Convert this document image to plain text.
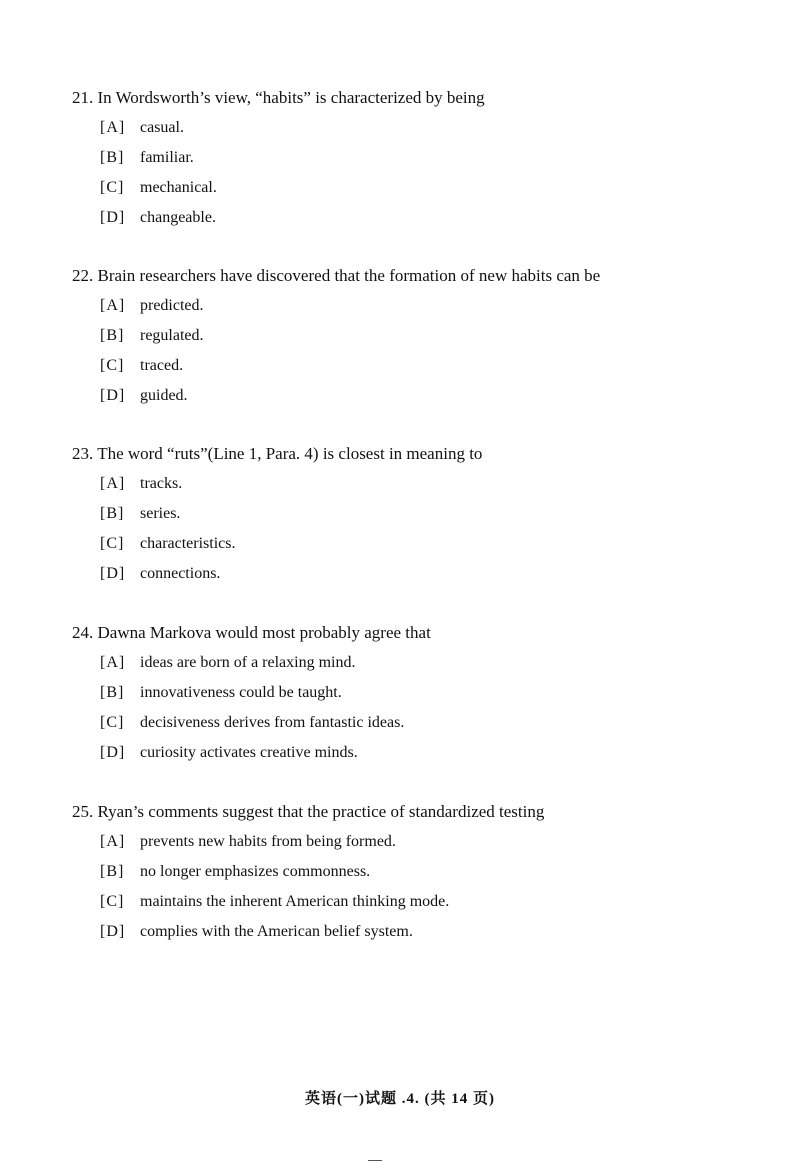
21. In Wordsworth’s view, “habits” is characterized by being
[A] casual.
[B] familiar.
[C] mechanical.
[D] changeable.
22. Brain researchers have discovered that the formation of new habits can be
[A] predicted.
[B] regulated.
[C] traced.
[D] guided.
23. The word “ruts”(Line 1, Para. 4) is closest in meaning to
[A] tracks.
[B] series.
[C] characteristics.
[D] connections.
24. Dawna Markova would most probably agree that
[A] ideas are born of a relaxing mind.
[B] innovativeness could be taught.
[C] decisiveness derives from fantastic ideas.
[D] curiosity activates creative minds.
25. Ryan’s comments suggest that the practice of standardized testing
[A] prevents new habits from being formed.
[B] no longer emphasizes commonness.
[C] maintains the inherent American thinking mode.
[D] complies with the American belief system.
英语(一)试题 .4. (共 14 页)
